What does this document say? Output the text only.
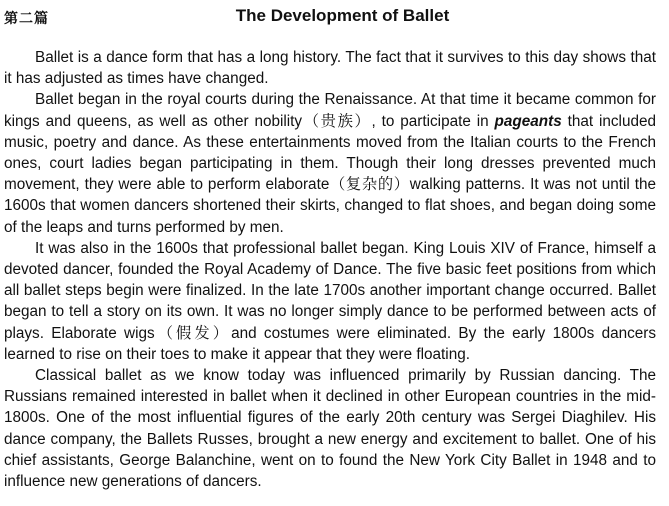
第二篇	The Development of Ballet

Ballet is a dance form that has a long history. The fact that it survives to this day shows that it has adjusted as times have changed.

Ballet began in the royal courts during the Renaissance. At that time it became common for kings and queens, as well as other nobility（贵族）, to participate in pageants that included music, poetry and dance. As these entertainments moved from the Italian courts to the French ones, court ladies began participating in them. Though their long dresses prevented much movement, they were able to perform elaborate（复杂的）walking patterns. It was not until the 1600s that women dancers shortened their skirts, changed to flat shoes, and began doing some of the leaps and turns performed by men.

It was also in the 1600s that professional ballet began. King Louis XIV of France, himself a devoted dancer, founded the Royal Academy of Dance. The five basic feet positions from which all ballet steps begin were finalized. In the late 1700s another important change occurred. Ballet began to tell a story on its own. It was no longer simply dance to be performed between acts of plays. Elaborate wigs（假发）and costumes were eliminated. By the early 1800s dancers learned to rise on their toes to make it appear that they were floating.

Classical ballet as we know today was influenced primarily by Russian dancing. The Russians remained interested in ballet when it declined in other European countries in the mid-1800s. One of the most influential figures of the early 20th century was Sergei Diaghilev. His dance company, the Ballets Russes, brought a new energy and excitement to ballet. One of his chief assistants, George Balanchine, went on to found the New York City Ballet in 1948 and to influence new generations of dancers.
